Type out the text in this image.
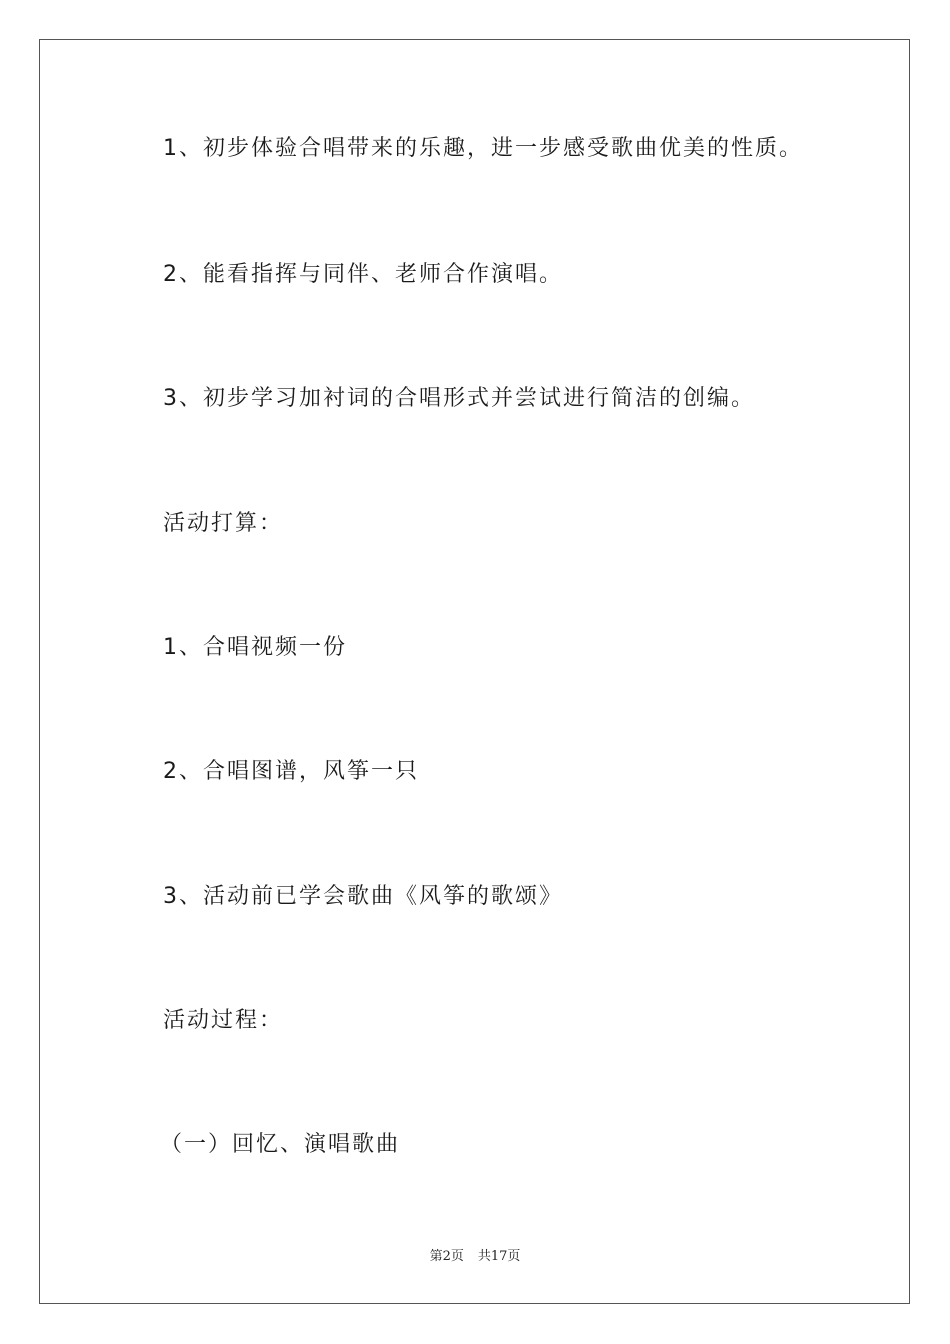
1、初步体验合唱带来的乐趣，进一步感受歌曲优美的性质。
2、能看指挥与同伴、老师合作演唱。
3、初步学习加衬词的合唱形式并尝试进行简洁的创编。
活动打算：
1、合唱视频一份
2、合唱图谱，风筝一只
3、活动前已学会歌曲《风筝的歌颂》
活动过程：
（一）回忆、演唱歌曲
第2页 共17页
